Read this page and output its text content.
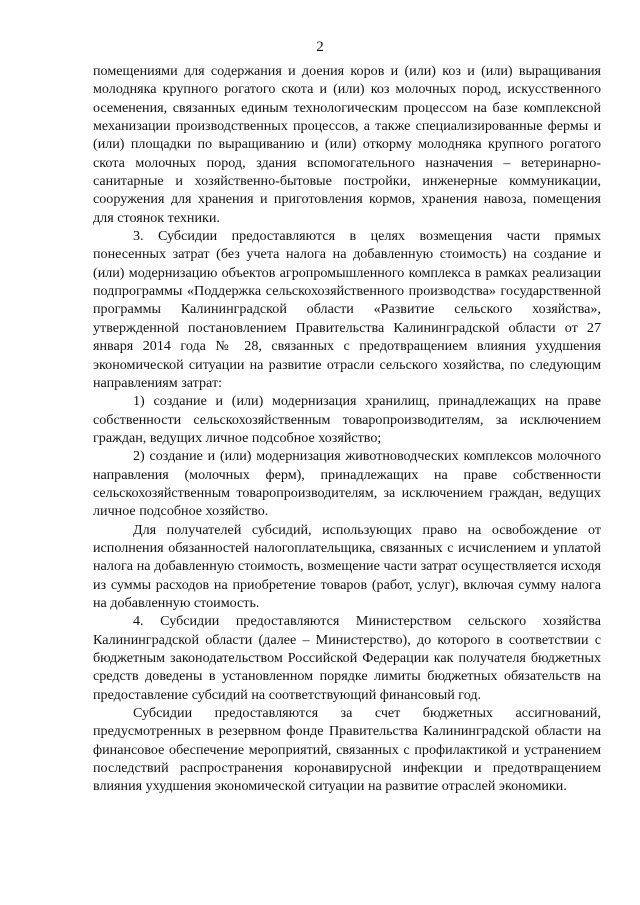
2

помещениями для содержания и доения коров и (или) коз и (или) выращивания молодняка крупного рогатого скота и (или) коз молочных пород, искусственного осеменения, связанных единым технологическим процессом на базе комплексной механизации производственных процессов, а также специализированные фермы и (или) площадки по выращиванию и (или) откорму молодняка крупного рогатого скота молочных пород, здания вспомогательного назначения – ветеринарно-санитарные и хозяйственно-бытовые постройки, инженерные коммуникации, сооружения для хранения и приготовления кормов, хранения навоза, помещения для стоянок техники.

3. Субсидии предоставляются в целях возмещения части прямых понесенных затрат (без учета налога на добавленную стоимость) на создание и (или) модернизацию объектов агропромышленного комплекса в рамках реализации подпрограммы «Поддержка сельскохозяйственного производства» государственной программы Калининградской области «Развитие сельского хозяйства», утвержденной постановлением Правительства Калининградской области от 27 января 2014 года № 28, связанных с предотвращением влияния ухудшения экономической ситуации на развитие отрасли сельского хозяйства, по следующим направлениям затрат:

1) создание и (или) модернизация хранилищ, принадлежащих на праве собственности сельскохозяйственным товаропроизводителям, за исключением граждан, ведущих личное подсобное хозяйство;

2) создание и (или) модернизация животноводческих комплексов молочного направления (молочных ферм), принадлежащих на праве собственности сельскохозяйственным товаропроизводителям, за исключением граждан, ведущих личное подсобное хозяйство.

Для получателей субсидий, использующих право на освобождение от исполнения обязанностей налогоплательщика, связанных с исчислением и уплатой налога на добавленную стоимость, возмещение части затрат осуществляется исходя из суммы расходов на приобретение товаров (работ, услуг), включая сумму налога на добавленную стоимость.

4. Субсидии предоставляются Министерством сельского хозяйства Калининградской области (далее – Министерство), до которого в соответствии с бюджетным законодательством Российской Федерации как получателя бюджетных средств доведены в установленном порядке лимиты бюджетных обязательств на предоставление субсидий на соответствующий финансовый год.

Субсидии предоставляются за счет бюджетных ассигнований, предусмотренных в резервном фонде Правительства Калининградской области на финансовое обеспечение мероприятий, связанных с профилактикой и устранением последствий распространения коронавирусной инфекции и предотвращением влияния ухудшения экономической ситуации на развитие отраслей экономики.
